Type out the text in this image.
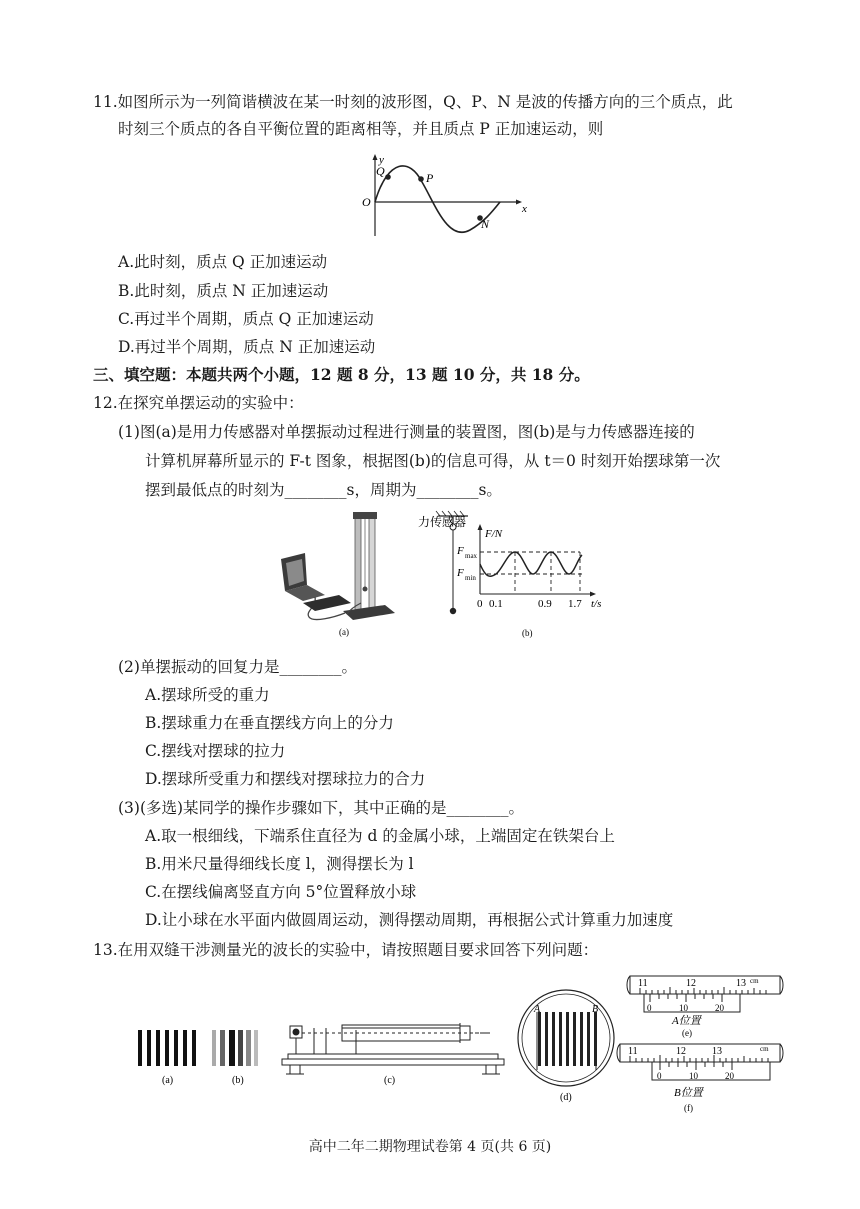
11.如图所示为一列简谐横波在某一时刻的波形图，Q、P、N 是波的传播方向的三个质点，此
时刻三个质点的各自平衡位置的距离相等，并且质点 P 正加速运动，则
y
x
O
Q	P
N
A.此时刻，质点 Q 正加速运动
B.此时刻，质点 N 正加速运动
C.再过半个周期，质点 Q 正加速运动
D.再过半个周期，质点 N 正加速运动
三、填空题：本题共两个小题，12 题 8 分，13 题 10 分，共 18 分。
12.在探究单摆运动的实验中：
(1)图(a)是用力传感器对单摆振动过程进行测量的装置图，图(b)是与力传感器连接的
计算机屏幕所显示的 F-t 图象，根据图(b)的信息可得，从 t＝0 时刻开始摆球第一次
摆到最低点的时刻为________s，周期为________s。
(a)
力传感器
F/N
F max
F min
0 0.1	0.9 1.7 t/s
(b)
(2)单摆振动的回复力是________。
A.摆球所受的重力
B.摆球重力在垂直摆线方向上的分力
C.摆线对摆球的拉力
D.摆球所受重力和摆线对摆球拉力的合力
(3)(多选)某同学的操作步骤如下，其中正确的是________。
A.取一根细线，下端系住直径为 d 的金属小球，上端固定在铁架台上
B.用米尺量得细线长度 l，测得摆长为 l
C.在摆线偏离竖直方向 5°位置释放小球
D.让小球在水平面内做圆周运动，测得摆动周期，再根据公式计算重力加速度
13.在用双缝干涉测量光的波长的实验中，请按照题目要求回答下列问题：
(a)	(b)	(c)
A	B
(d)
11	12	13 cm
0	10	20
A位置
(e)
11	12	13	cm
0	10	20
B位置
(f)
高中二年二期物理试卷第 4 页(共 6 页)
